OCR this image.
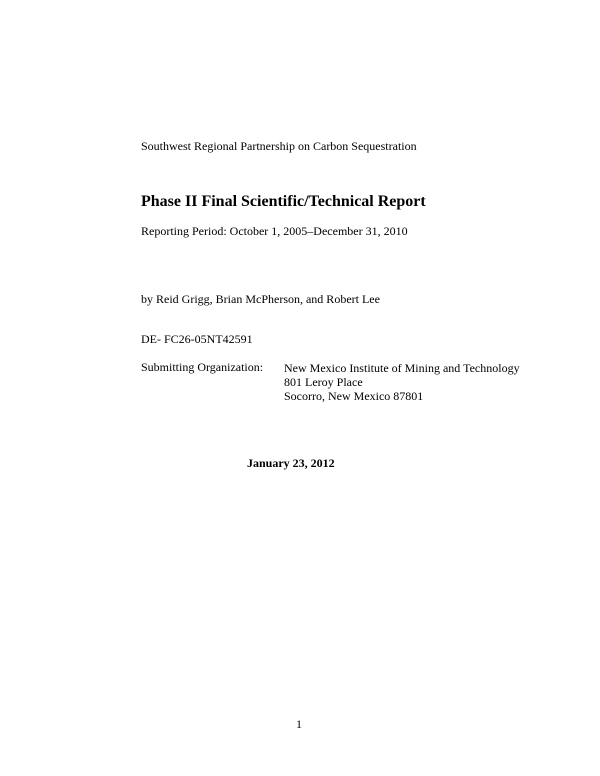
Southwest Regional Partnership on Carbon Sequestration
Phase II Final Scientific/Technical Report
Reporting Period: October 1, 2005–December 31, 2010
by Reid Grigg, Brian McPherson, and Robert Lee
DE- FC26-05NT42591
Submitting Organization: New Mexico Institute of Mining and Technology
801 Leroy Place
Socorro, New Mexico 87801
January 23, 2012
1
